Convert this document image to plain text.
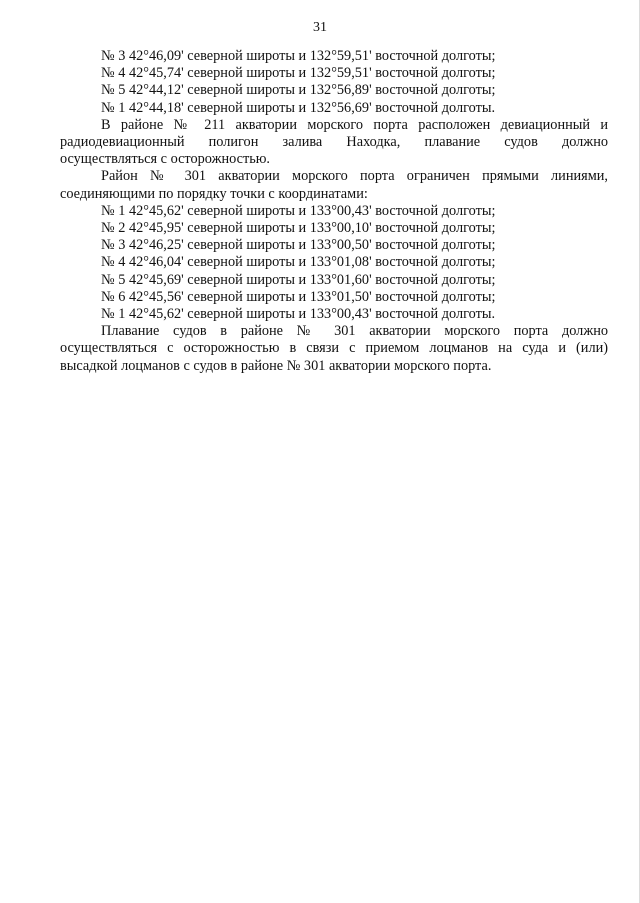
31
№ 3 42°46,09' северной широты и 132°59,51' восточной долготы;
№ 4 42°45,74' северной широты и 132°59,51' восточной долготы;
№ 5 42°44,12' северной широты и 132°56,89' восточной долготы;
№ 1 42°44,18' северной широты и 132°56,69' восточной долготы.
В районе № 211 акватории морского порта расположен девиационный и
радиодевиационный полигон залива Находка, плавание судов должно
осуществляться с осторожностью.
Район № 301 акватории морского порта ограничен прямыми линиями,
соединяющими по порядку точки с координатами:
№ 1 42°45,62' северной широты и 133°00,43' восточной долготы;
№ 2 42°45,95' северной широты и 133°00,10' восточной долготы;
№ 3 42°46,25' северной широты и 133°00,50' восточной долготы;
№ 4 42°46,04' северной широты и 133°01,08' восточной долготы;
№ 5 42°45,69' северной широты и 133°01,60' восточной долготы;
№ 6 42°45,56' северной широты и 133°01,50' восточной долготы;
№ 1 42°45,62' северной широты и 133°00,43' восточной долготы.
Плавание судов в районе № 301 акватории морского порта должно
осуществляться с осторожностью в связи с приемом лоцманов на суда и (или)
высадкой лоцманов с судов в районе № 301 акватории морского порта.
